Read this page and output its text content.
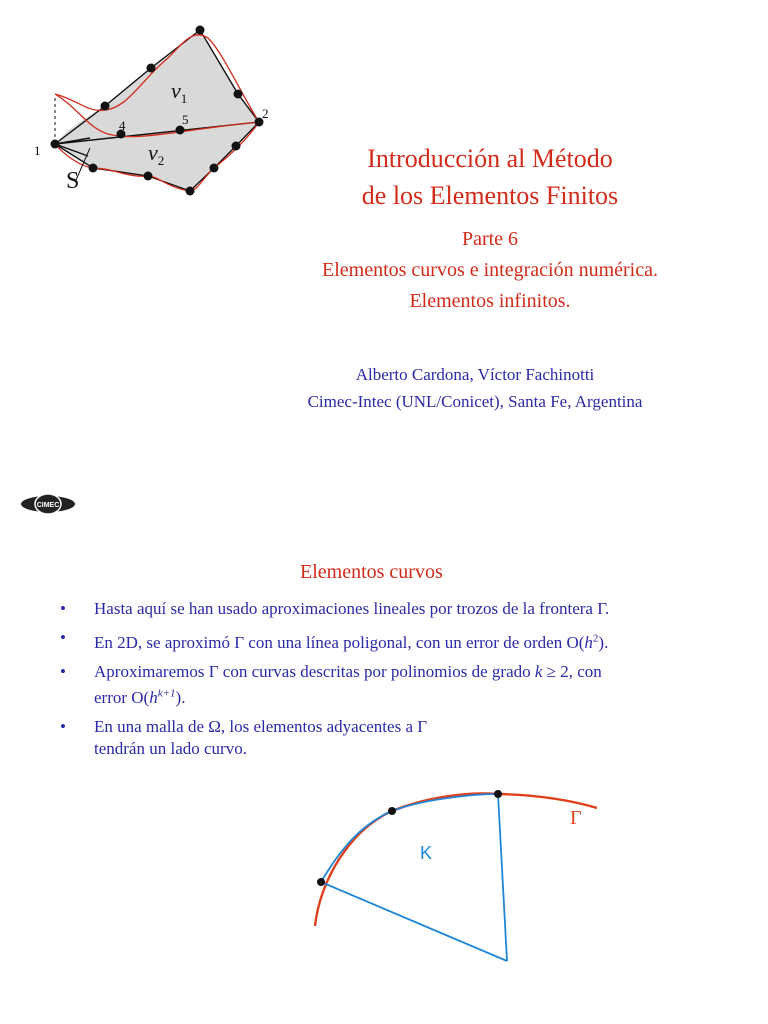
$v_1$
$v_2$
S
1
2
4	5
Introducción al Método
de los Elementos Finitos
Parte 6
Elementos curvos e integración numérica.
Elementos infinitos.
Alberto Cardona, Víctor Fachinotti
Cimec-Intec (UNL/Conicet), Santa Fe, Argentina
CIMEC
Elementos curvos
• Hasta aquí se han usado aproximaciones lineales por trozos de la frontera Γ.
• En 2D, se aproximó Γ con una línea poligonal, con un error de orden $O(h^2)$.
• Aproximaremos Γ con curvas descritas por polinomios de grado k ≥ 2, con
error $O(h^{k+1})$.
• En una malla de Ω, los elementos adyacentes a Γ
tendrán un lado curvo.
Γ
K
